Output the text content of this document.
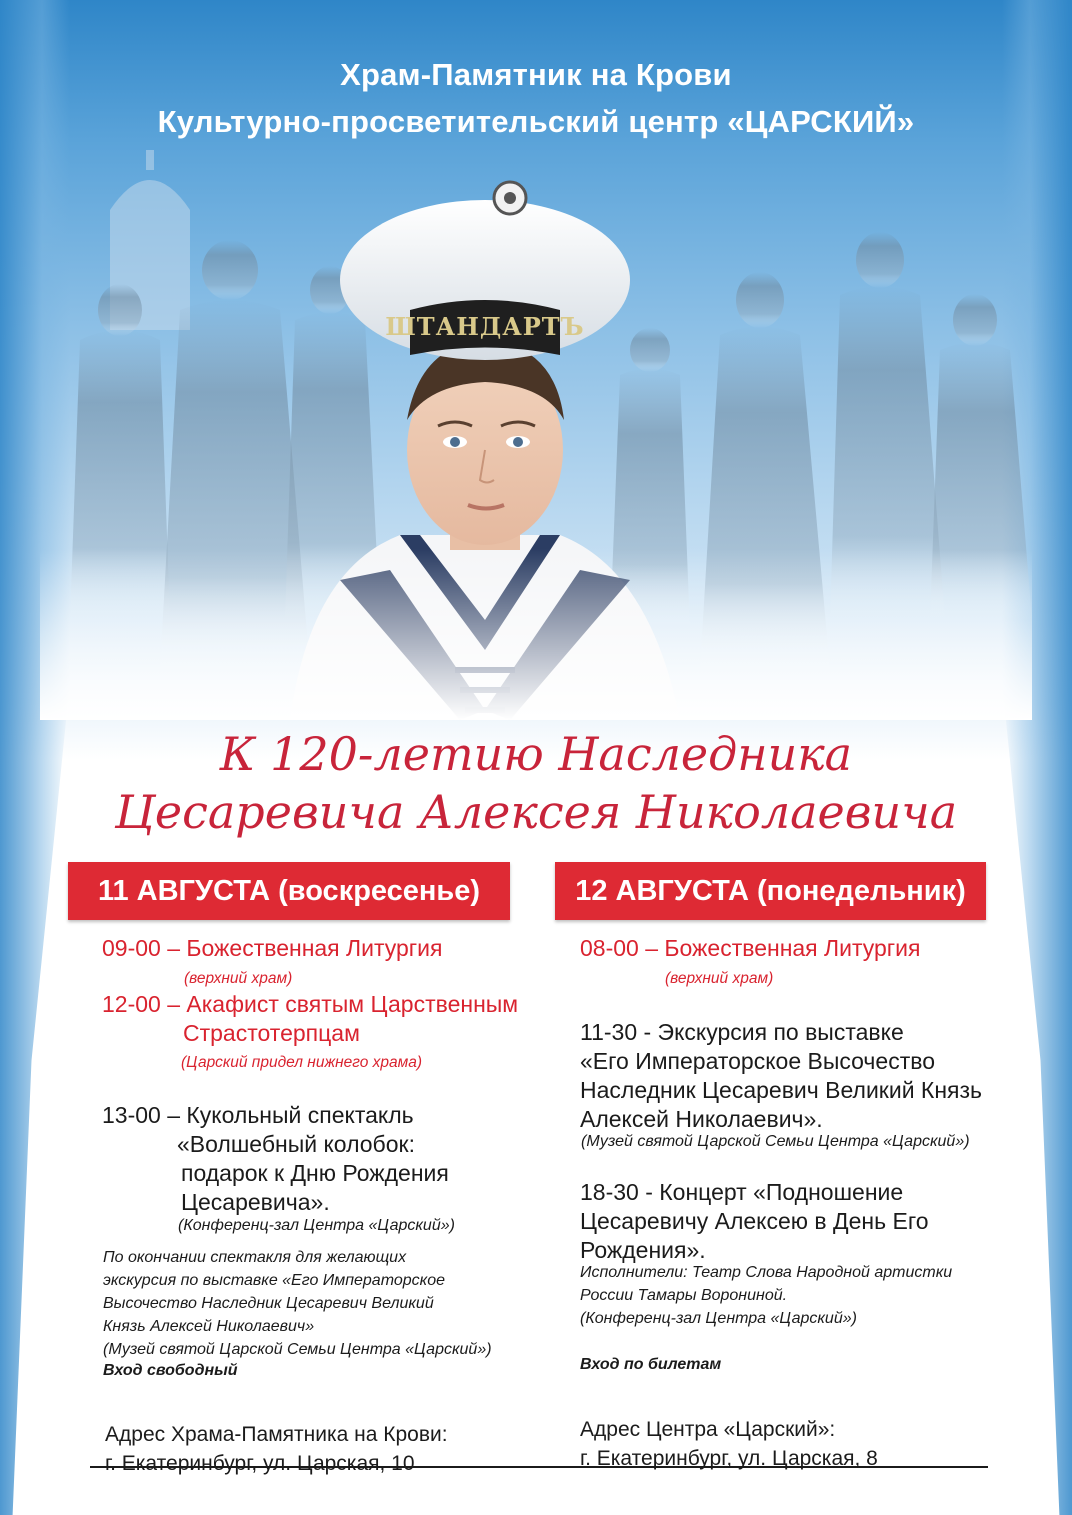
Храм-Памятник на Крови
Культурно-просветительский центр «ЦАРСКИЙ»
К 120-летию Наследника
Цесаревича Алексея Николаевича
11 АВГУСТА (воскресенье)	12 АВГУСТА (понедельник)
09-00 – Божественная Литургия
(верхний храм)
12-00 – Акафист святым Царственным
Страстотерпцам
(Царский придел нижнего храма)
13-00 – Кукольный спектакль
«Волшебный колобок:
подарок к Дню Рождения
Цесаревича».
(Конференц-зал Центра «Царский»)
По окончании спектакля для желающих
экскурсия по выставке «Его Императорское
Высочество Наследник Цесаревич Великий
Князь Алексей Николаевич»
(Музей святой Царской Семьи Центра «Царский»)
Вход свободный
08-00 – Божественная Литургия
(верхний храм)
11-30 - Экскурсия по выставке
«Его Императорское Высочество
Наследник Цесаревич Великий Князь
Алексей Николаевич».
(Музей святой Царской Семьи Центра «Царский»)
18-30 - Концерт «Подношение
Цесаревичу Алексею в День Его
Рождения».
Исполнители: Театр Слова Народной артистки
России Тамары Ворониной.
(Конференц-зал Центра «Царский»)
Вход по билетам
Адрес Храма-Памятника на Крови:
г. Екатеринбург, ул. Царская, 10
Адрес Центра «Царский»:
г. Екатеринбург, ул. Царская, 8
